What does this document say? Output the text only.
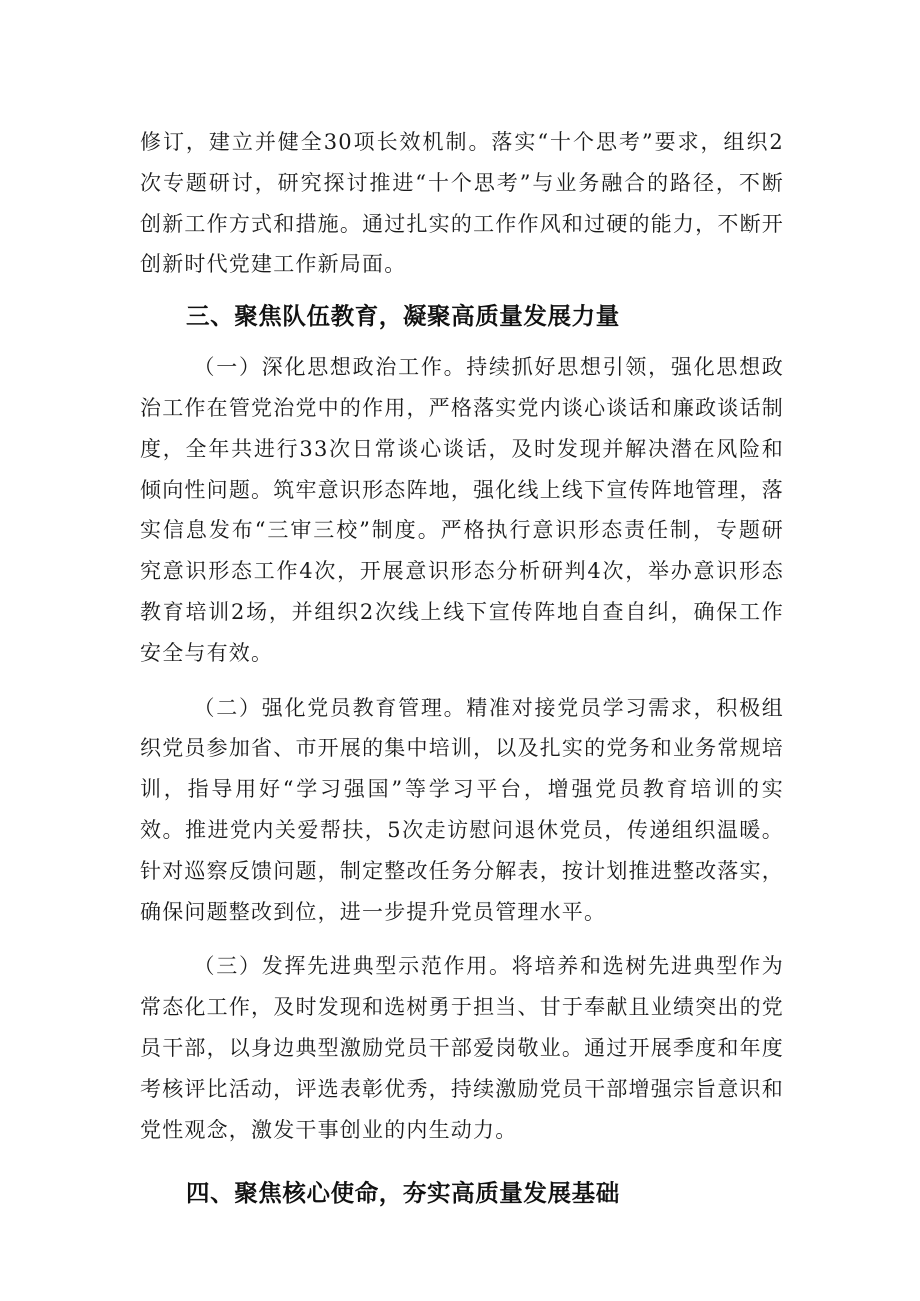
修订，建立并健全30项长效机制。落实“十个思考”要求，组织2次专题研讨，研究探讨推进“十个思考”与业务融合的路径，不断创新工作方式和措施。通过扎实的工作作风和过硬的能力，不断开创新时代党建工作新局面。

三、聚焦队伍教育，凝聚高质量发展力量

（一）深化思想政治工作。持续抓好思想引领，强化思想政治工作在管党治党中的作用，严格落实党内谈心谈话和廉政谈话制度，全年共进行33次日常谈心谈话，及时发现并解决潜在风险和倾向性问题。筑牢意识形态阵地，强化线上线下宣传阵地管理，落实信息发布“三审三校”制度。严格执行意识形态责任制，专题研究意识形态工作4次，开展意识形态分析研判4次，举办意识形态教育培训2场，并组织2次线上线下宣传阵地自查自纠，确保工作安全与有效。

（二）强化党员教育管理。精准对接党员学习需求，积极组织党员参加省、市开展的集中培训，以及扎实的党务和业务常规培训，指导用好“学习强国”等学习平台，增强党员教育培训的实效。推进党内关爱帮扶，5次走访慰问退休党员，传递组织温暖。针对巡察反馈问题，制定整改任务分解表，按计划推进整改落实，确保问题整改到位，进一步提升党员管理水平。

（三）发挥先进典型示范作用。将培养和选树先进典型作为常态化工作，及时发现和选树勇于担当、甘于奉献且业绩突出的党员干部，以身边典型激励党员干部爱岗敬业。通过开展季度和年度考核评比活动，评选表彰优秀，持续激励党员干部增强宗旨意识和党性观念，激发干事创业的内生动力。

四、聚焦核心使命，夯实高质量发展基础
